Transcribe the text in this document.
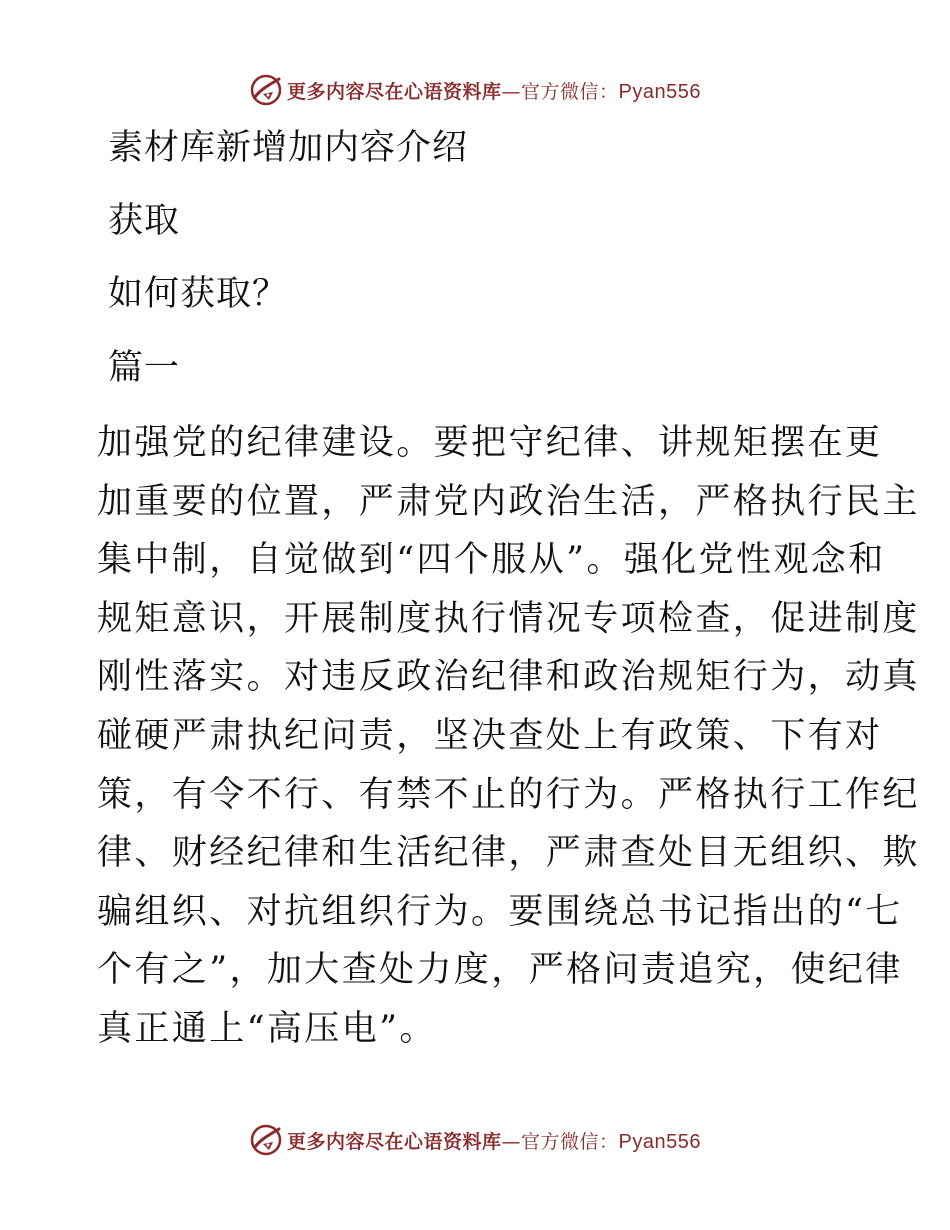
更多内容尽在心语资料库—官方微信：Pyan556
素材库新增加内容介绍
获取
如何获取？
篇一
加强党的纪律建设。要把守纪律、讲规矩摆在更
加重要的位置，严肃党内政治生活，严格执行民主
集中制，自觉做到“四个服从”。强化党性观念和
规矩意识，开展制度执行情况专项检查，促进制度
刚性落实。对违反政治纪律和政治规矩行为，动真
碰硬严肃执纪问责，坚决查处上有政策、下有对
策，有令不行、有禁不止的行为。严格执行工作纪
律、财经纪律和生活纪律，严肃查处目无组织、欺
骗组织、对抗组织行为。要围绕总书记指出的“七
个有之”，加大查处力度，严格问责追究，使纪律
真正通上“高压电”。
更多内容尽在心语资料库—官方微信：Pyan556
